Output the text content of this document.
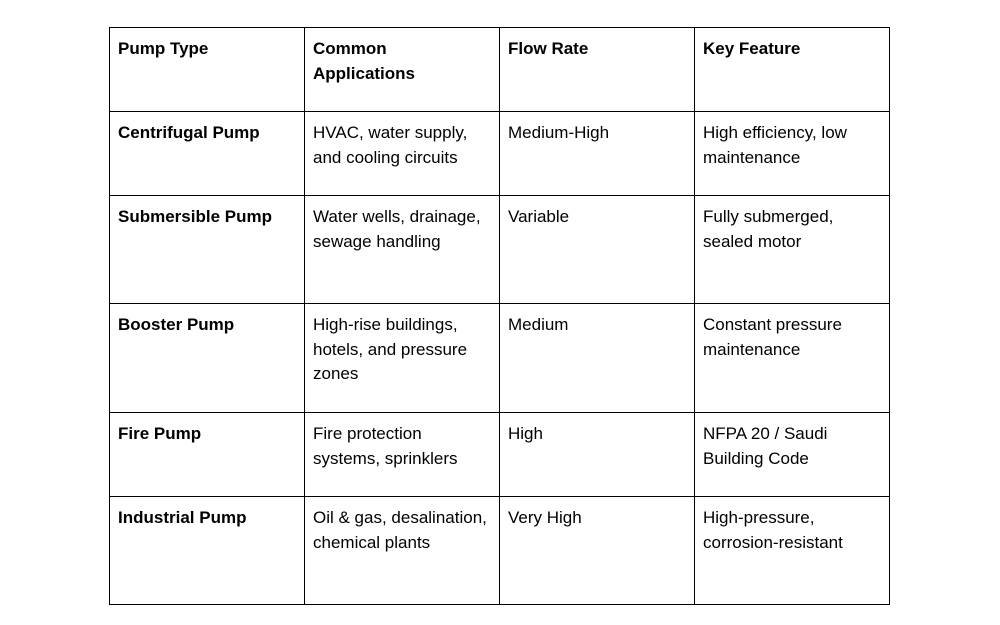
Pump Type	Common Applications	Flow Rate	Key Feature
Centrifugal Pump	HVAC, water supply, and cooling circuits	Medium-High	High efficiency, low maintenance
Submersible Pump	Water wells, drainage, sewage handling	Variable	Fully submerged, sealed motor
Booster Pump	High-rise buildings, hotels, and pressure zones	Medium	Constant pressure maintenance
Fire Pump	Fire protection systems, sprinklers	High	NFPA 20 / Saudi Building Code
Industrial Pump	Oil & gas, desalination, chemical plants	Very High	High-pressure, corrosion-resistant
